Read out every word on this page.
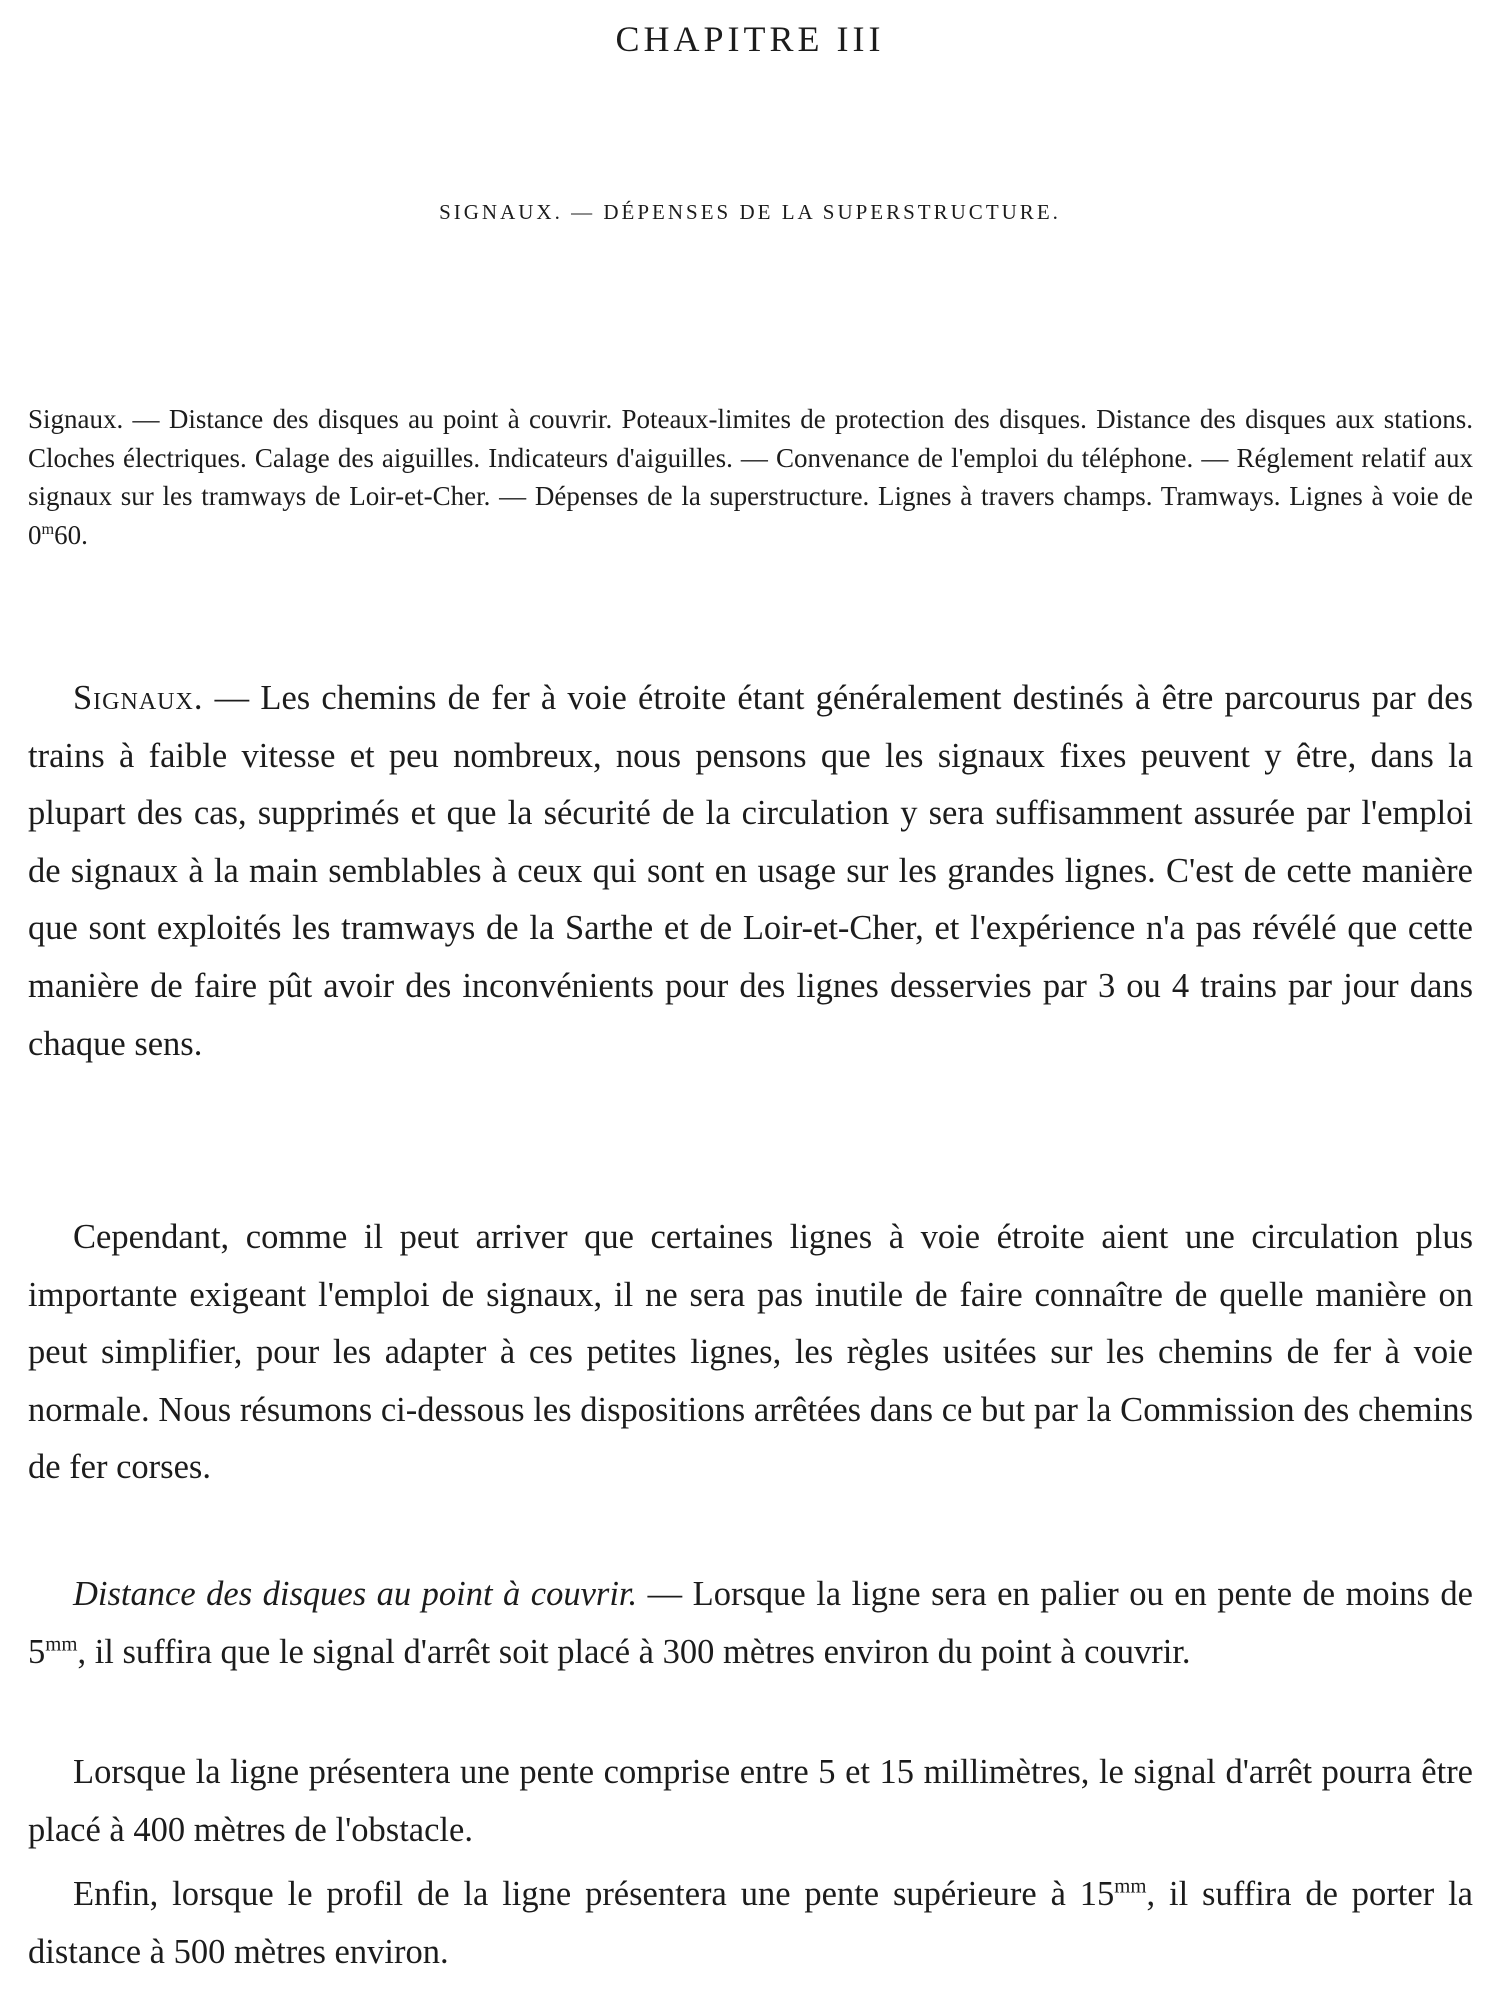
CHAPITRE III
SIGNAUX. — DÉPENSES DE LA SUPERSTRUCTURE.
Signaux. — Distance des disques au point à couvrir. Poteaux-limites de protection des disques. Distance des disques aux stations. Cloches électriques. Calage des aiguilles. Indicateurs d'aiguilles. — Convenance de l'emploi du téléphone. — Réglement relatif aux signaux sur les tramways de Loir-et-Cher. — Dépenses de la superstructure. Lignes à travers champs. Tramways. Lignes à voie de 0$^m$60.

Signaux. — Les chemins de fer à voie étroite étant généralement destinés à être parcourus par des trains à faible vitesse et peu nombreux, nous pensons que les signaux fixes peuvent y être, dans la plupart des cas, supprimés et que la sécurité de la circulation y sera suffisamment assurée par l'emploi de signaux à la main semblables à ceux qui sont en usage sur les grandes lignes. C'est de cette manière que sont exploités les tramways de la Sarthe et de Loir-et-Cher, et l'expérience n'a pas révélé que cette manière de faire pût avoir des inconvénients pour des lignes desservies par 3 ou 4 trains par jour dans chaque sens.

Cependant, comme il peut arriver que certaines lignes à voie étroite aient une circulation plus importante exigeant l'emploi de signaux, il ne sera pas inutile de faire connaître de quelle manière on peut simplifier, pour les adapter à ces petites lignes, les règles usitées sur les chemins de fer à voie normale. Nous résumons ci-dessous les dispositions arrêtées dans ce but par la Commission des chemins de fer corses.

Distance des disques au point à couvrir. — Lorsque la ligne sera en palier ou en pente de moins de $5^{mm}$, il suffira que le signal d'arrêt soit placé à 300 mètres environ du point à couvrir.

Lorsque la ligne présentera une pente comprise entre 5 et 15 millimètres, le signal d'arrêt pourra être placé à 400 mètres de l'obstacle.

Enfin, lorsque le profil de la ligne présentera une pente supérieure à $15^{mm}$, il suffira de porter la distance à 500 mètres environ.
